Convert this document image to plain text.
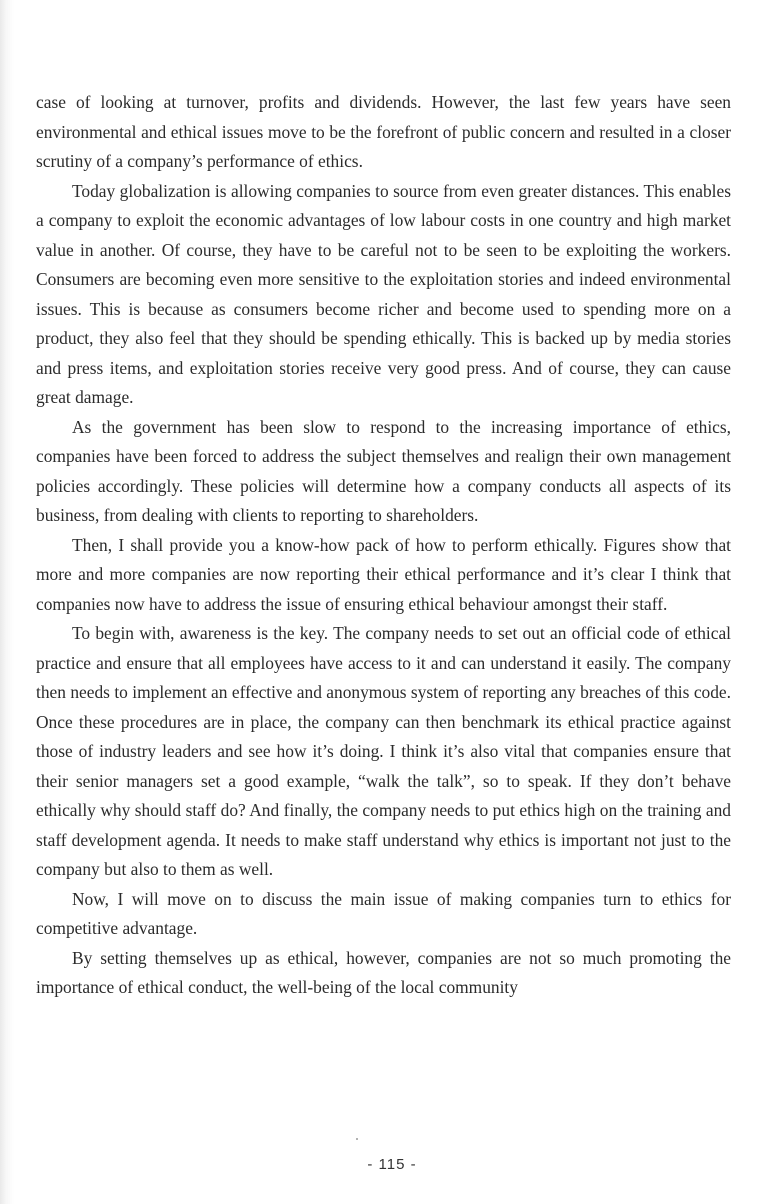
case of looking at turnover, profits and dividends. However, the last few years have seen environmental and ethical issues move to be the forefront of public concern and resulted in a closer scrutiny of a company’s performance of ethics.

Today globalization is allowing companies to source from even greater distances. This enables a company to exploit the economic advantages of low labour costs in one country and high market value in another. Of course, they have to be careful not to be seen to be exploiting the workers. Consumers are becoming even more sensitive to the exploitation stories and indeed environmental issues. This is because as consumers become richer and become used to spending more on a product, they also feel that they should be spending ethically. This is backed up by media stories and press items, and exploitation stories receive very good press. And of course, they can cause great damage.

As the government has been slow to respond to the increasing importance of ethics, companies have been forced to address the subject themselves and realign their own management policies accordingly. These policies will determine how a company conducts all aspects of its business, from dealing with clients to reporting to shareholders.

Then, I shall provide you a know-how pack of how to perform ethically. Figures show that more and more companies are now reporting their ethical performance and it’s clear I think that companies now have to address the issue of ensuring ethical behaviour amongst their staff.

To begin with, awareness is the key. The company needs to set out an official code of ethical practice and ensure that all employees have access to it and can understand it easily. The company then needs to implement an effective and anonymous system of reporting any breaches of this code. Once these procedures are in place, the company can then benchmark its ethical practice against those of industry leaders and see how it’s doing. I think it’s also vital that companies ensure that their senior managers set a good example, “walk the talk”, so to speak. If they don’t behave ethically why should staff do? And finally, the company needs to put ethics high on the training and staff development agenda. It needs to make staff understand why ethics is important not just to the company but also to them as well.

Now, I will move on to discuss the main issue of making companies turn to ethics for competitive advantage.

By setting themselves up as ethical, however, companies are not so much promoting the importance of ethical conduct, the well-being of the local community

- 115 -
